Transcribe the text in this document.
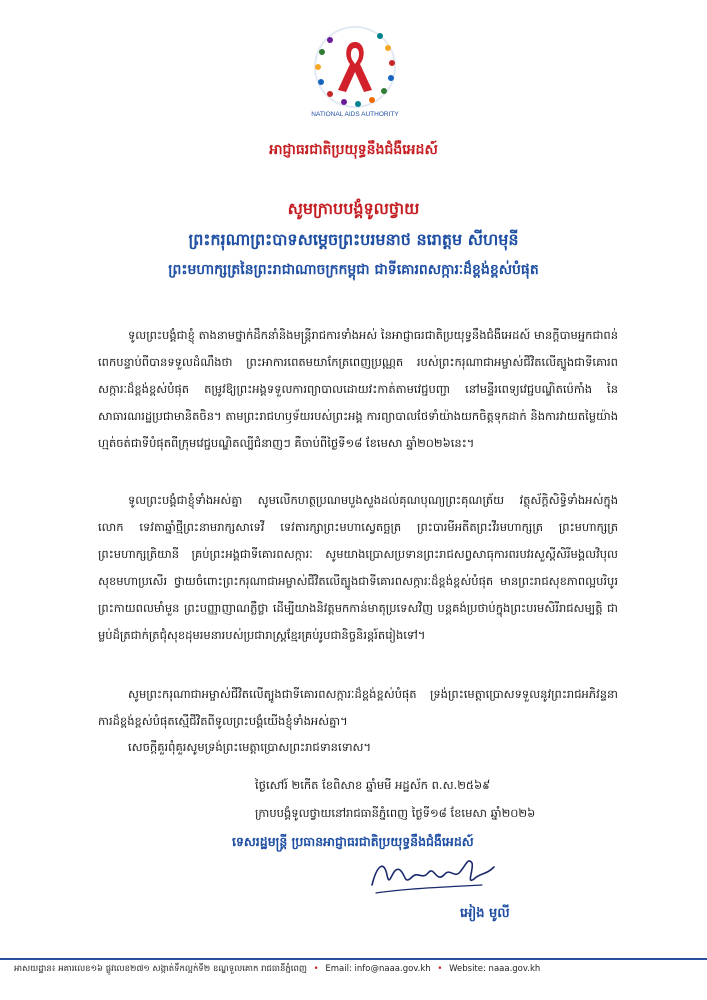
NATIONAL AIDS AUTHORITY
អាជ្ញាធរជាតិប្រយុទ្ធនឹងជំងឺអេដស៍
សូមក្រាបបង្គំទូលថ្វាយ
ព្រះករុណាព្រះបាទសម្តេចព្រះបរមនាថ នរោត្តម សីហមុនី
ព្រះមហាក្សត្រនៃព្រះរាជាណាចក្រកម្ពុជា ជាទីគោរពសក្ការៈដ៏ខ្ពង់ខ្ពស់បំផុត

ទូលព្រះបង្គំជាខ្ញុំ តាងនាមថ្នាក់ដឹកនាំនិងមន្ត្រីរាជការទាំងអស់ នៃអាជ្ញាធរជាតិប្រយុទ្ធនឹងជំងឺអេដស៍ មានក្ដីបាមអ្នកជាពន់ពេកបន្ទាប់ពីបានទទួលដំណឹងថា ព្រះអាការពេតមយាកែត្រពេញប្រណ្ណត របស់ព្រះករុណាជាអម្ចាស់ជីវិតលើត្បូងជាទីគោរពសក្ការៈដ៏ខ្ពង់ខ្ពស់បំផុត តម្រូវឱ្យព្រះអង្គទទួលការព្យាបាលដោយវះកាត់តាមវេជ្ជបញ្ជា នៅមន្ទីរពេទ្យវេជ្ជបណ្ឌិតប៉េកាំង នៃសាធារណរដ្ឋប្រជាមានិតចិន។ តាមព្រះរាជហឫទ័យរបស់ព្រះអង្គ ការព្យាបាលថែទាំយ៉ាងយកចិត្តទុកដាក់ និងការវាយតម្លៃយ៉ាងហ្មត់ចត់ជាទីបំផុតពីក្រុមវេជ្ជបណ្ឌិតល្បីជំនាញៗ គឺចាប់ពីថ្ងៃទី១៨ ខែមេសា ឆ្នាំ២០២៦នេះ។

ទូលព្រះបង្គំជាខ្ញុំទាំងអស់គ្នា សូមលើកហត្ថប្រណមបួងសួងដល់គុណបុណ្យព្រះគុណត្រ័យ វត្ថុស័ក្ដិសិទ្ធិទាំងអស់ក្នុងលោក ទេវតាឆ្នាំថ្មីព្រះនាមរាក្សសាទេវី ទេវតារក្សាព្រះមហាស្វេតច្ឆត្រ ព្រះបារមីអតីតព្រះវីរមហាក្សត្រ ព្រះមហាក្សត្រ ព្រះមហាក្សត្រិយានី គ្រប់ព្រះអង្គជាទីគោរពសក្ការៈ សូមយាងប្រោសប្រទានព្រះរាជសព្វសាធុការពរបវរសួស្ដីសិរីមង្គលវិបុលសុខមហាប្រសើរ ថ្វាយចំពោះព្រះករុណាជាអម្ចាស់ជីវិតលើត្បូងជាទីគោរពសក្ការៈដ៏ខ្ពង់ខ្ពស់បំផុត មានព្រះរាជសុខភាពល្អបរិបូរ ព្រះកាយពលមាំមួន ព្រះបញ្ញាញាណភ្លឺថ្លា ដើម្បីយាងនិវត្តមកកាន់មាតុប្រទេសវិញ បន្តគង់ប្រថាប់ក្នុងព្រះបរមសិរីរាជសម្បត្តិ ជាម្លប់ដ៏ត្រជាក់ត្រជុំសុខដុមរមនារបស់ប្រជារាស្ត្រខ្មែរគ្រប់រូបជានិច្ចនិរន្តរ៍តរៀងទៅ។

សូមព្រះករុណាជាអម្ចាស់ជីវិតលើត្បូងជាទីគោរពសក្ការៈដ៏ខ្ពង់ខ្ពស់បំផុត ទ្រង់ព្រះមេត្តាប្រោសទទួលនូវព្រះរាជអភិវន្ទនាការដ៏ខ្ពង់ខ្ពស់បំផុតស្មើជីវិតពីទូលព្រះបង្គំយើងខ្ញុំទាំងអស់គ្នា។

សេចក្ដីគួរពុំគួរសូមទ្រង់ព្រះមេត្តាប្រោសព្រះរាជទានទោស។

ថ្ងៃសៅរ៍ ២កើត ខែពិសាខ ឆ្នាំមមី អដ្ឋស័ក ព.ស.២៥៦៩
ក្រាបបង្គំទូលថ្វាយនៅរាជធានីភ្នំពេញ ថ្ងៃទី១៨ ខែមេសា ឆ្នាំ២០២៦
ទេសរដ្ឋមន្ត្រី ប្រធានអាជ្ញាធរជាតិប្រយុទ្ធនឹងជំងឺអេដស៍
អៀង មូលី
អាសយដ្ឋាន៖ អគារលេខ១៦ ផ្លូវលេខ២៧១ សង្កាត់ទឹកល្អក់ទី២ ខណ្ឌទួលគោក រាជធានីភ្នំពេញ • Email: info@naaa.gov.kh • Website: naaa.gov.kh
